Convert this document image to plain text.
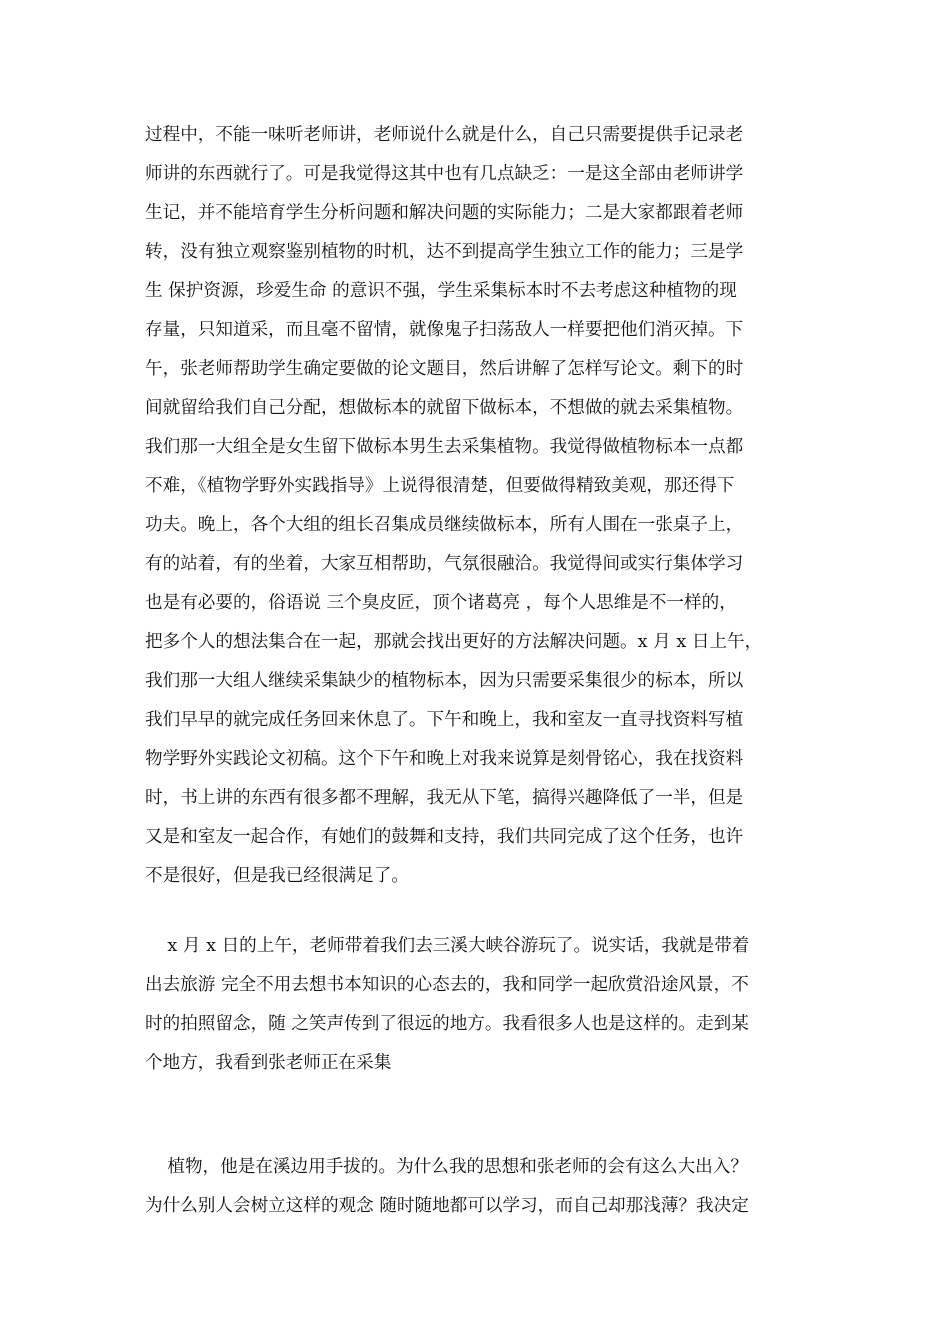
过程中，不能一味听老师讲，老师说什么就是什么，自己只需要提供手记录老
师讲的东西就行了。可是我觉得这其中也有几点缺乏：一是这全部由老师讲学
生记，并不能培育学生分析问题和解决问题的实际能力；二是大家都跟着老师
转，没有独立观察鉴别植物的时机，达不到提高学生独立工作的能力；三是学
生 保护资源，珍爱生命 的意识不强，学生采集标本时不去考虑这种植物的现
存量，只知道采，而且毫不留情，就像鬼子扫荡敌人一样要把他们消灭掉。下
午，张老师帮助学生确定要做的论文题目，然后讲解了怎样写论文。剩下的时
间就留给我们自己分配，想做标本的就留下做标本，不想做的就去采集植物。
我们那一大组全是女生留下做标本男生去采集植物。我觉得做植物标本一点都
不难，《植物学野外实践指导》上说得很清楚，但要做得精致美观，那还得下
功夫。晚上，各个大组的组长召集成员继续做标本，所有人围在一张桌子上，
有的站着，有的坐着，大家互相帮助，气氛很融洽。我觉得间或实行集体学习
也是有必要的，俗语说 三个臭皮匠，顶个诸葛亮 ，每个人思维是不一样的，
把多个人的想法集合在一起，那就会找出更好的方法解决问题。x 月 x 日上午，
我们那一大组人继续采集缺少的植物标本，因为只需要采集很少的标本，所以
我们早早的就完成任务回来休息了。下午和晚上，我和室友一直寻找资料写植
物学野外实践论文初稿。这个下午和晚上对我来说算是刻骨铭心，我在找资料
时，书上讲的东西有很多都不理解，我无从下笔，搞得兴趣降低了一半，但是
又是和室友一起合作，有她们的鼓舞和支持，我们共同完成了这个任务，也许
不是很好，但是我已经很满足了。
x 月 x 日的上午，老师带着我们去三溪大峡谷游玩了。说实话，我就是带着
出去旅游 完全不用去想书本知识的心态去的，我和同学一起欣赏沿途风景，不
时的拍照留念，随 之笑声传到了很远的地方。我看很多人也是这样的。走到某
个地方，我看到张老师正在采集
植物，他是在溪边用手拔的。为什么我的思想和张老师的会有这么大出入？
为什么别人会树立这样的观念 随时随地都可以学习，而自己却那浅薄？我决定
